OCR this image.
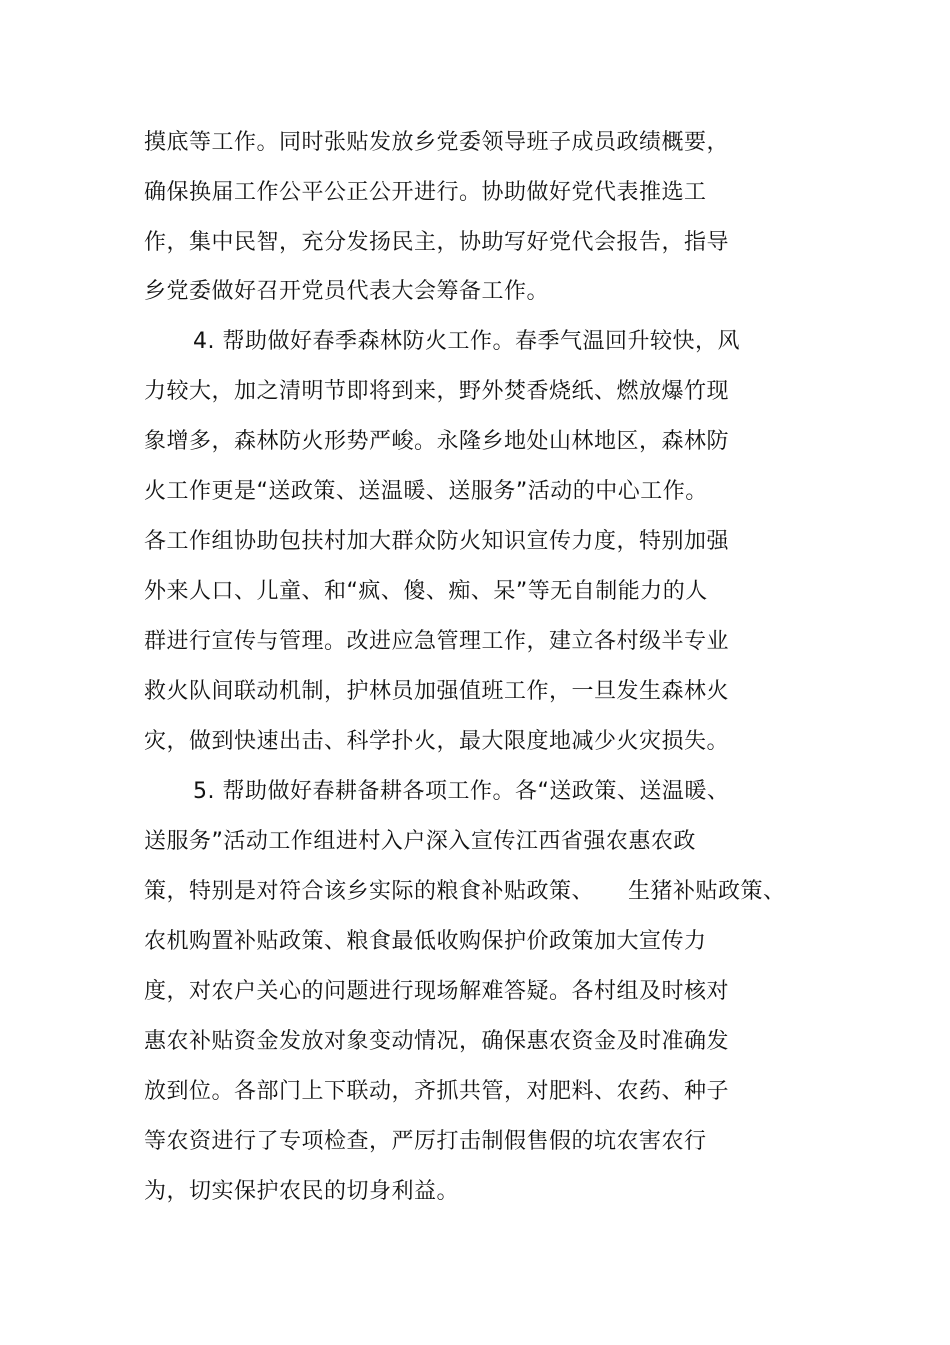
摸底等工作。同时张贴发放乡党委领导班子成员政绩概要，
确保换届工作公平公正公开进行。协助做好党代表推选工
作，集中民智，充分发扬民主，协助写好党代会报告，指导
乡党委做好召开党员代表大会筹备工作。
4. 帮助做好春季森林防火工作。春季气温回升较快，风
力较大，加之清明节即将到来，野外焚香烧纸、燃放爆竹现
象增多，森林防火形势严峻。永隆乡地处山林地区，森林防
火工作更是“送政策、送温暖、送服务”活动的中心工作。
各工作组协助包扶村加大群众防火知识宣传力度，特别加强
外来人口、儿童、和“疯、傻、痴、呆”等无自制能力的人
群进行宣传与管理。改进应急管理工作，建立各村级半专业
救火队间联动机制，护林员加强值班工作，一旦发生森林火
灾，做到快速出击、科学扑火，最大限度地减少火灾损失。
5. 帮助做好春耕备耕各项工作。各“送政策、送温暖、
送服务”活动工作组进村入户深入宣传江西省强农惠农政
策，特别是对符合该乡实际的粮食补贴政策、　　生猪补贴政策、
农机购置补贴政策、粮食最低收购保护价政策加大宣传力
度，对农户关心的问题进行现场解难答疑。各村组及时核对
惠农补贴资金发放对象变动情况，确保惠农资金及时准确发
放到位。各部门上下联动，齐抓共管，对肥料、农药、种子
等农资进行了专项检查，严厉打击制假售假的坑农害农行
为，切实保护农民的切身利益。
